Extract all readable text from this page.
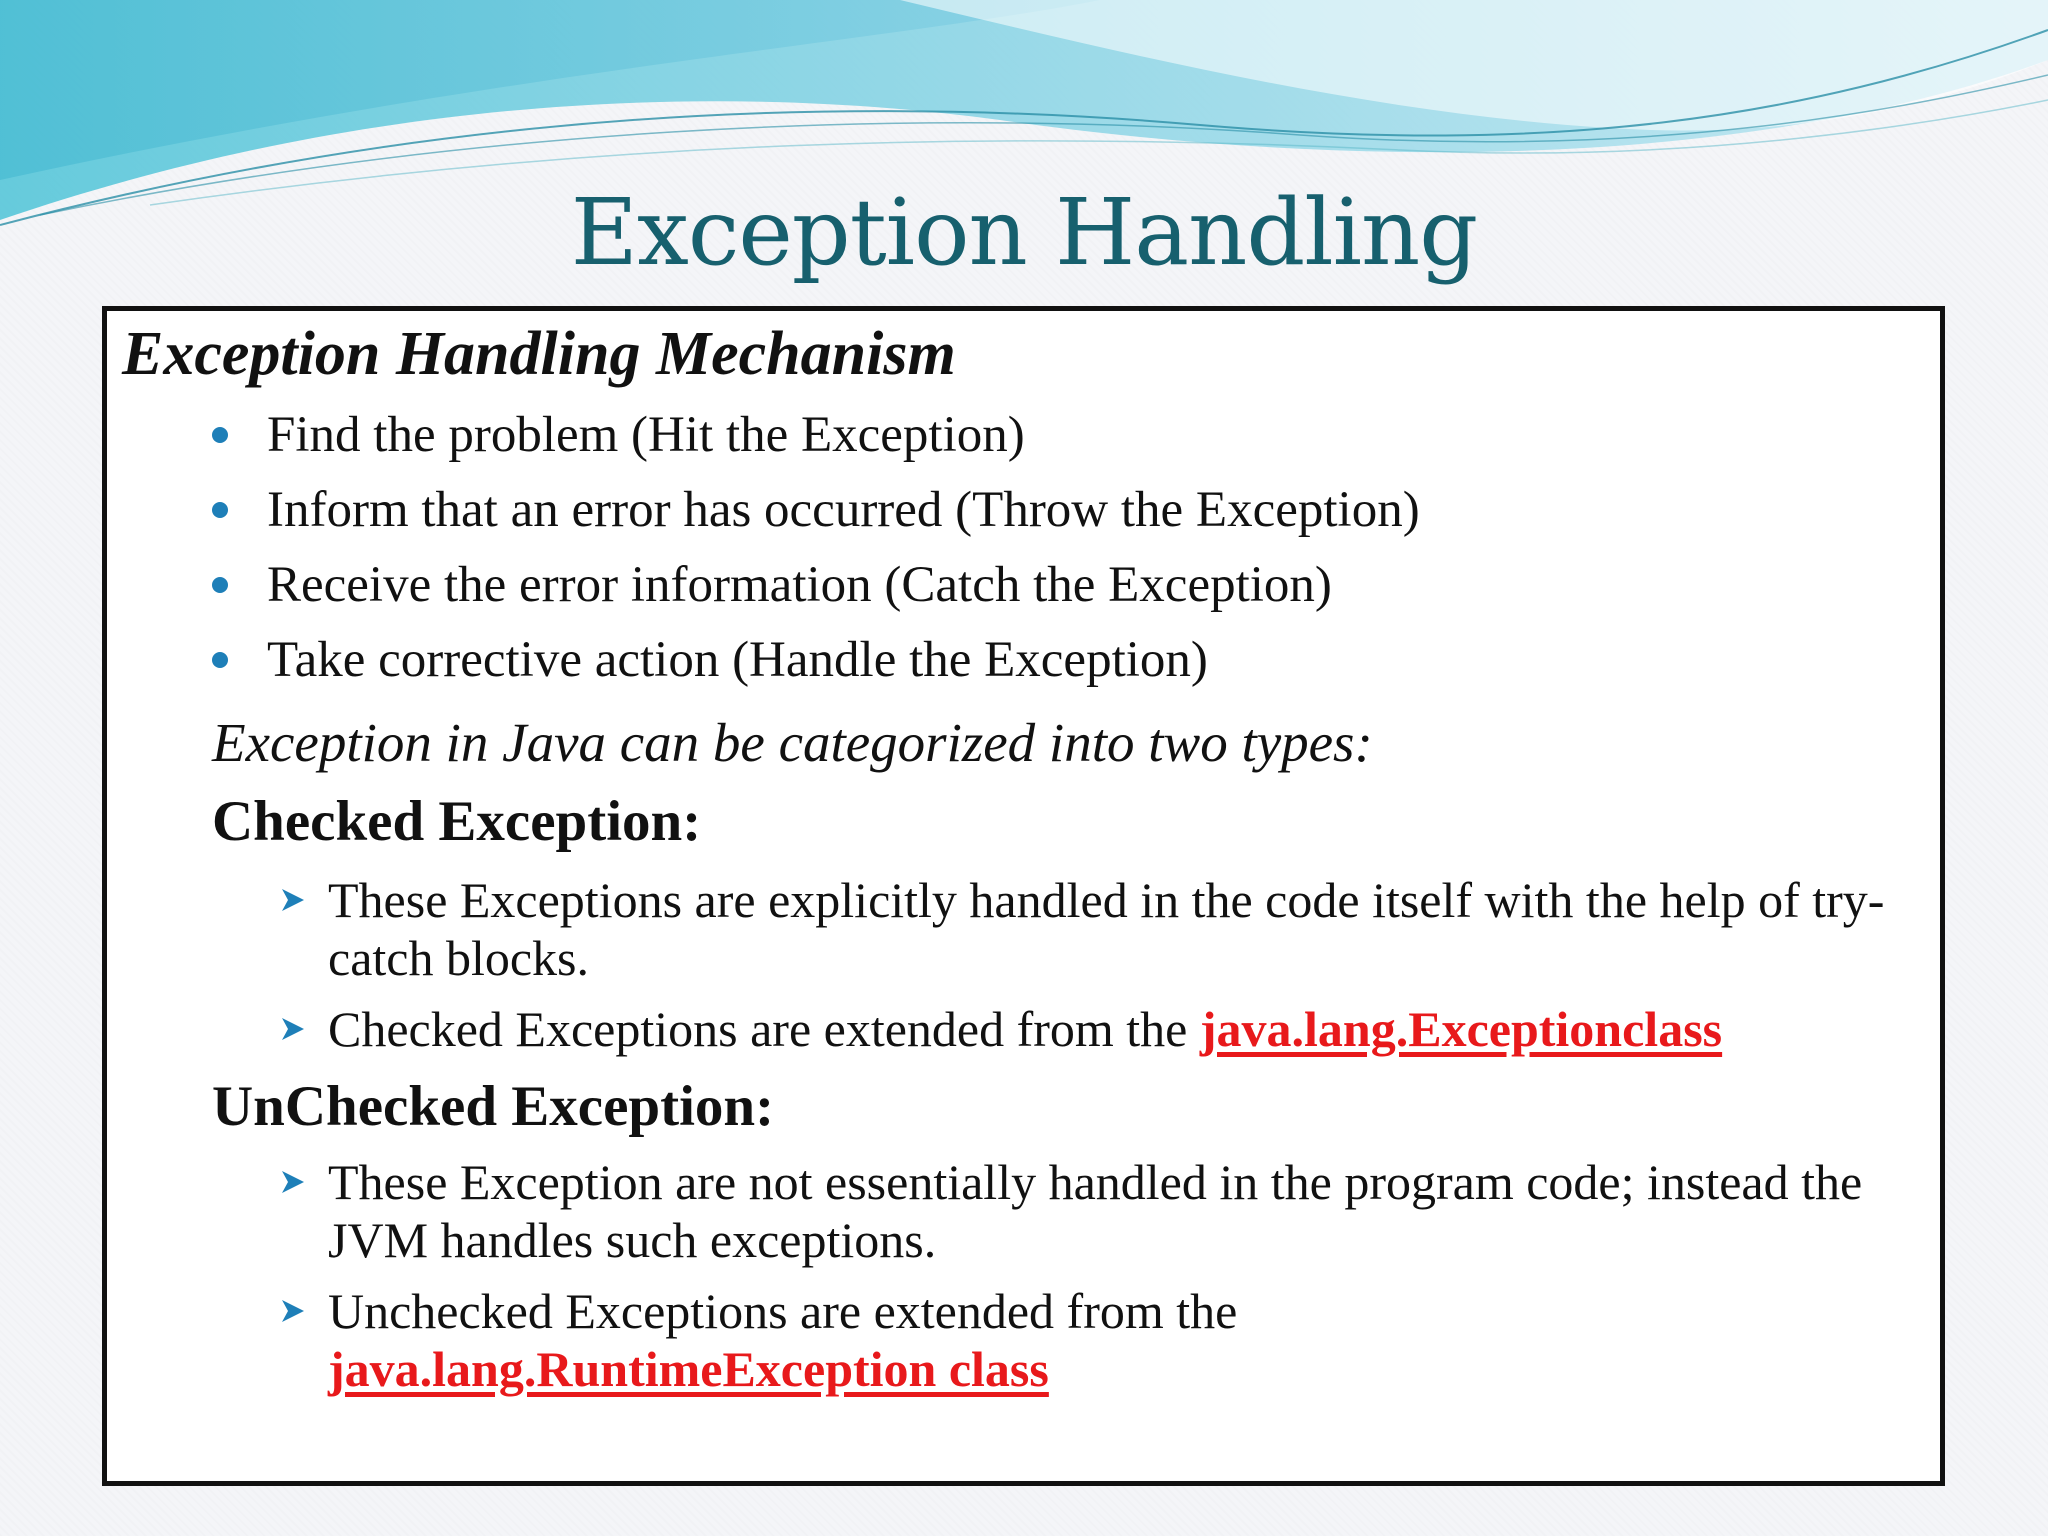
Exception Handling
Exception Handling Mechanism
Find the problem (Hit the Exception)
Inform that an error has occurred (Throw the Exception)
Receive the error information (Catch the Exception)
Take corrective action (Handle the Exception)
Exception in Java can be categorized into two types:
Checked Exception:
These Exceptions are explicitly handled in the code itself with the help of try-catch blocks.
Checked Exceptions are extended from the java.lang.Exceptionclass
UnChecked Exception:
These Exception are not essentially handled in the program code; instead the JVM handles such exceptions.
Unchecked Exceptions are extended from the
java.lang.RuntimeException class
